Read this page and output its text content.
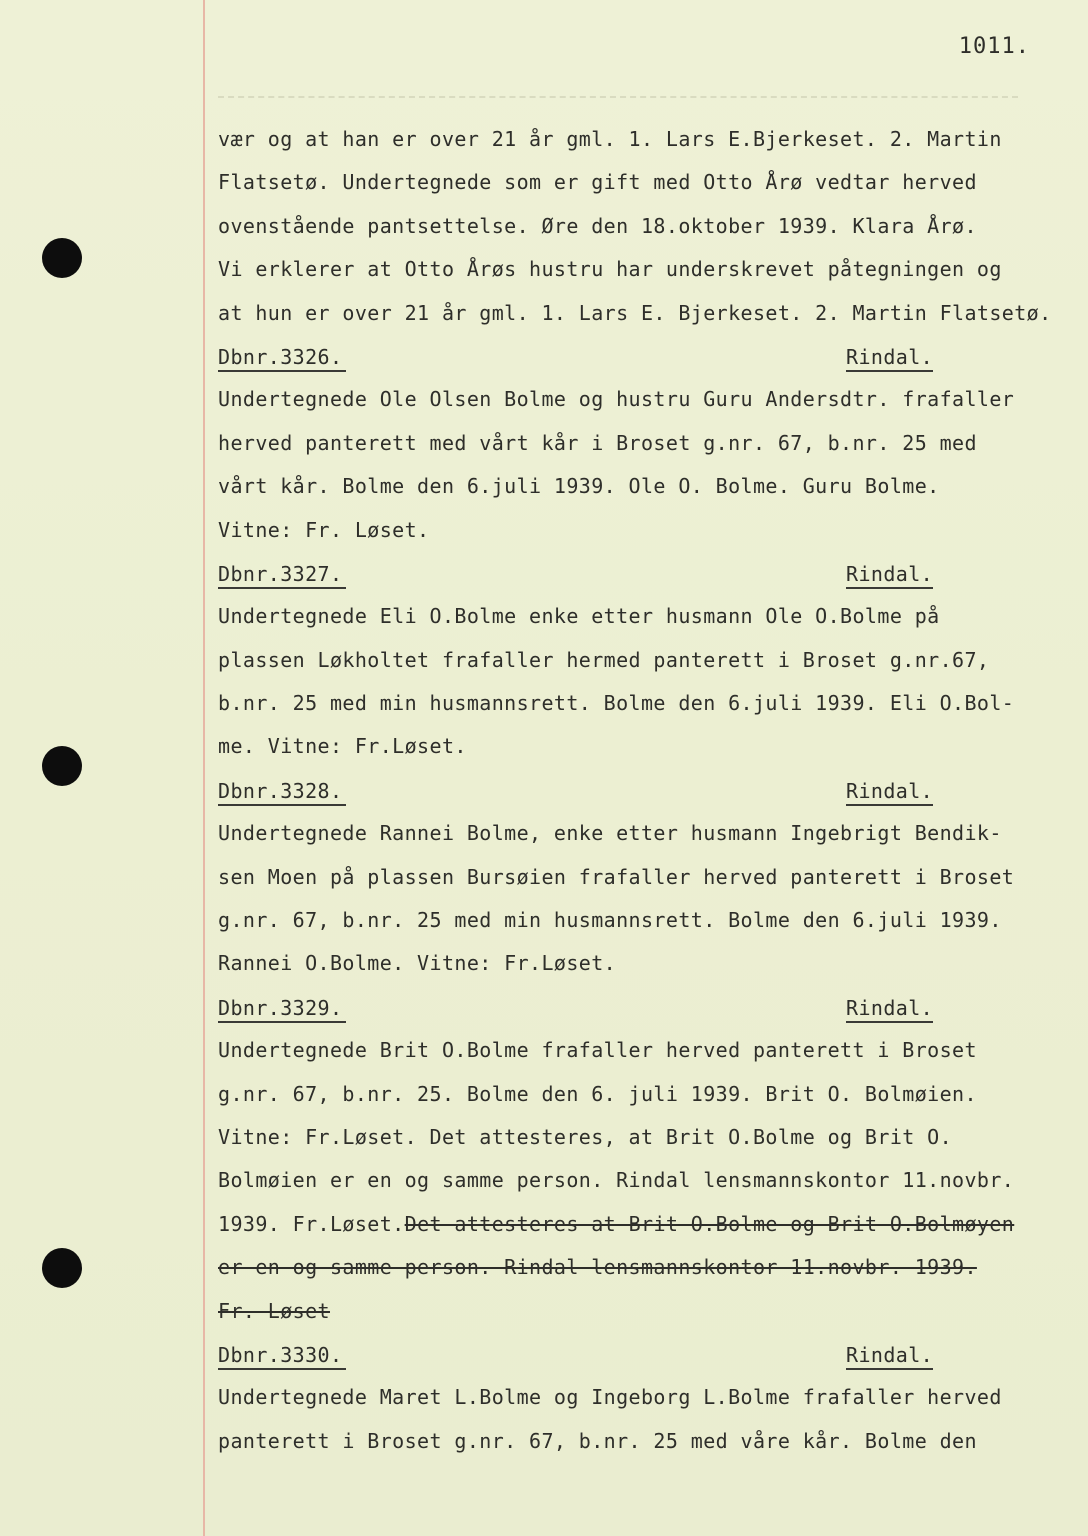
1011.
vær og at han er over 21 år gml. 1. Lars E.Bjerkeset. 2. Martin
Flatsetø. Undertegnede som er gift med Otto Årø vedtar herved
ovenstående pantsettelse. Øre den 18.oktober 1939. Klara Årø.
Vi erklerer at Otto Årøs hustru har underskrevet påtegningen og
at hun er over 21 år gml. 1. Lars E. Bjerkeset. 2. Martin Flatsetø.
Dbnr.3326.	Rindal.
Undertegnede Ole Olsen Bolme og hustru Guru Andersdtr. frafaller
herved panterett med vårt kår i Broset g.nr. 67, b.nr. 25 med
vårt kår. Bolme den 6.juli 1939. Ole O. Bolme. Guru Bolme.
Vitne: Fr. Løset.
Dbnr.3327.	Rindal.
Undertegnede Eli O.Bolme enke etter husmann Ole O.Bolme på
plassen Løkholtet frafaller hermed panterett i Broset g.nr.67,
b.nr. 25 med min husmannsrett. Bolme den 6.juli 1939. Eli O.Bol-
me. Vitne: Fr.Løset.
Dbnr.3328.	Rindal.
Undertegnede Rannei Bolme, enke etter husmann Ingebrigt Bendik-
sen Moen på plassen Bursøien frafaller herved panterett i Broset
g.nr. 67, b.nr. 25 med min husmannsrett. Bolme den 6.juli 1939.
Rannei O.Bolme. Vitne: Fr.Løset.
Dbnr.3329.	Rindal.
Undertegnede Brit O.Bolme frafaller herved panterett i Broset
g.nr. 67, b.nr. 25. Bolme den 6. juli 1939. Brit O. Bolmøien.
Vitne: Fr.Løset. Det attesteres, at Brit O.Bolme og Brit O.
Bolmøien er en og samme person. Rindal lensmannskontor 11.novbr.
1939. Fr.Løset.Det attesteres at Brit O.Bolme og Brit O.Bolmøyen
er en og samme person. Rindal lensmannskontor 11.novbr. 1939.
Fr. Løset
Dbnr.3330.	Rindal.
Undertegnede Maret L.Bolme og Ingeborg L.Bolme frafaller herved
panterett i Broset g.nr. 67, b.nr. 25 med våre kår. Bolme den
